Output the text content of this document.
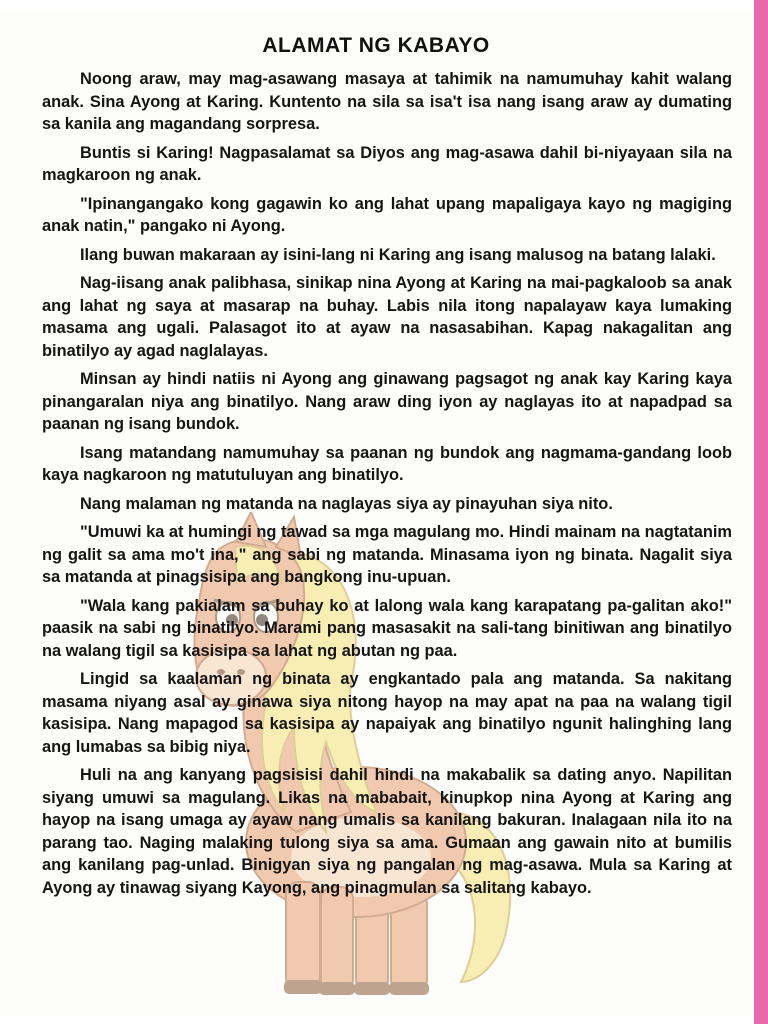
ALAMAT NG KABAYO

Noong araw, may mag-asawang masaya at tahimik na namumuhay kahit walang anak. Sina Ayong at Karing. Kuntento na sila sa isa't isa nang isang araw ay dumating sa kanila ang magandang sorpresa.

Buntis si Karing! Nagpasalamat sa Diyos ang mag-asawa dahil bi-niyayaan sila na magkaroon ng anak.

"Ipinangangako kong gagawin ko ang lahat upang mapaligaya kayo ng magiging anak natin," pangako ni Ayong.

Ilang buwan makaraan ay isini-lang ni Karing ang isang malusog na batang lalaki.

Nag-iisang anak palibhasa, sinikap nina Ayong at Karing na mai-pagkaloob sa anak ang lahat ng saya at masarap na buhay. Labis nila itong napalayaw kaya lumaking masama ang ugali. Palasagot ito at ayaw na nasasabihan. Kapag nakagalitan ang binatilyo ay agad naglalayas.

Minsan ay hindi natiis ni Ayong ang ginawang pagsagot ng anak kay Karing kaya pinangaralan niya ang binatilyo. Nang araw ding iyon ay naglayas ito at napadpad sa paanan ng isang bundok.

Isang matandang namumuhay sa paanan ng bundok ang nagmama-gandang loob kaya nagkaroon ng matutuluyan ang binatilyo.

Nang malaman ng matanda na naglayas siya ay pinayuhan siya nito.

"Umuwi ka at humingi ng tawad sa mga magulang mo. Hindi mainam na nagtatanim ng galit sa ama mo't ina," ang sabi ng matanda. Minasama iyon ng binata. Nagalit siya sa matanda at pinagsisipa ang bangkong inu-upuan.

"Wala kang pakialam sa buhay ko at lalong wala kang karapatang pa-galitan ako!" paasik na sabi ng binatilyo. Marami pang masasakit na sali-tang binitiwan ang binatilyo na walang tigil sa kasisipa sa lahat ng abutan ng paa.

Lingid sa kaalaman ng binata ay engkantado pala ang matanda. Sa nakitang masama niyang asal ay ginawa siya nitong hayop na may apat na paa na walang tigil kasisipa. Nang mapagod sa kasisipa ay napaiyak ang binatilyo ngunit halinghing lang ang lumabas sa bibig niya.

Huli na ang kanyang pagsisisi dahil hindi na makabalik sa dating anyo. Napilitan siyang umuwi sa magulang. Likas na mababait, kinupkop nina Ayong at Karing ang hayop na isang umaga ay ayaw nang umalis sa kanilang bakuran. Inalagaan nila ito na parang tao. Naging malaking tulong siya sa ama. Gumaan ang gawain nito at bumilis ang kanilang pag-unlad. Binigyan siya ng pangalan ng mag-asawa. Mula sa Karing at Ayong ay tinawag siyang Kayong, ang pinagmulan sa salitang kabayo.
